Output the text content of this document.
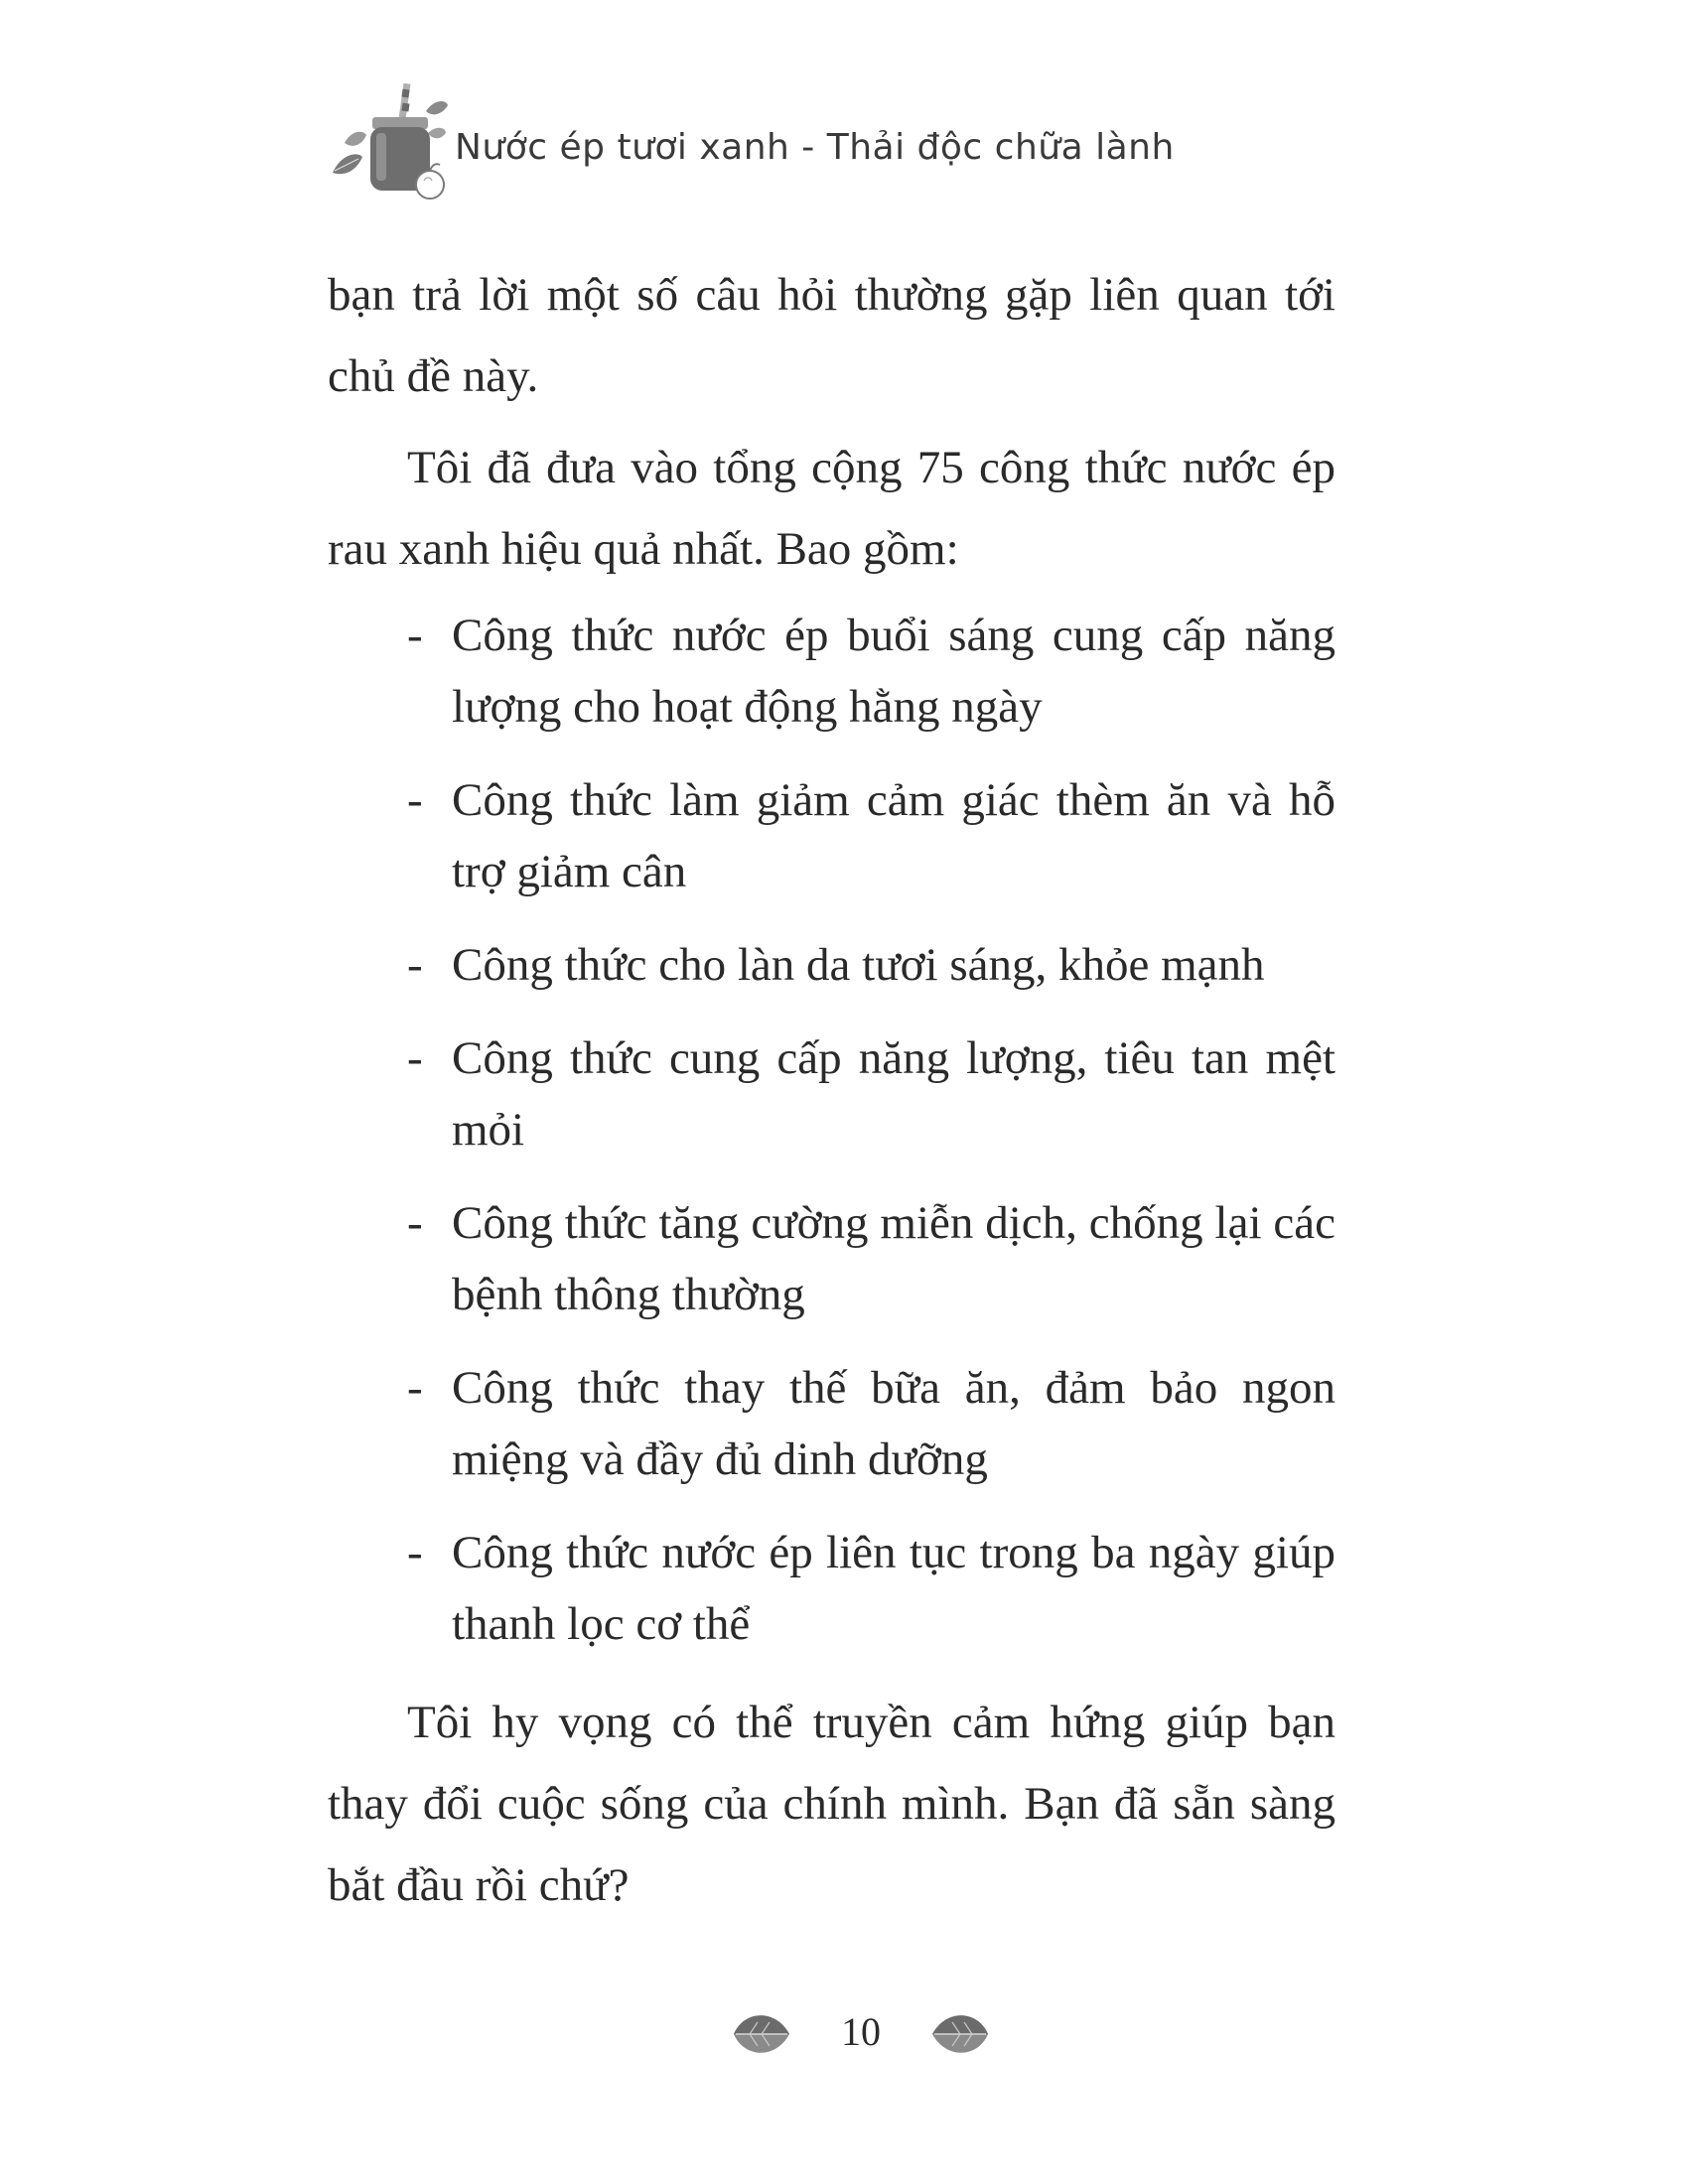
Nước ép tươi xanh - Thải độc chữa lành

bạn trả lời một số câu hỏi thường gặp liên quan tới chủ đề này.

Tôi đã đưa vào tổng cộng 75 công thức nước ép rau xanh hiệu quả nhất. Bao gồm:

- Công thức nước ép buổi sáng cung cấp năng lượng cho hoạt động hằng ngày
- Công thức làm giảm cảm giác thèm ăn và hỗ trợ giảm cân
- Công thức cho làn da tươi sáng, khỏe mạnh
- Công thức cung cấp năng lượng, tiêu tan mệt mỏi
- Công thức tăng cường miễn dịch, chống lại các bệnh thông thường
- Công thức thay thế bữa ăn, đảm bảo ngon miệng và đầy đủ dinh dưỡng
- Công thức nước ép liên tục trong ba ngày giúp thanh lọc cơ thể

Tôi hy vọng có thể truyền cảm hứng giúp bạn thay đổi cuộc sống của chính mình. Bạn đã sẵn sàng bắt đầu rồi chứ?

10
